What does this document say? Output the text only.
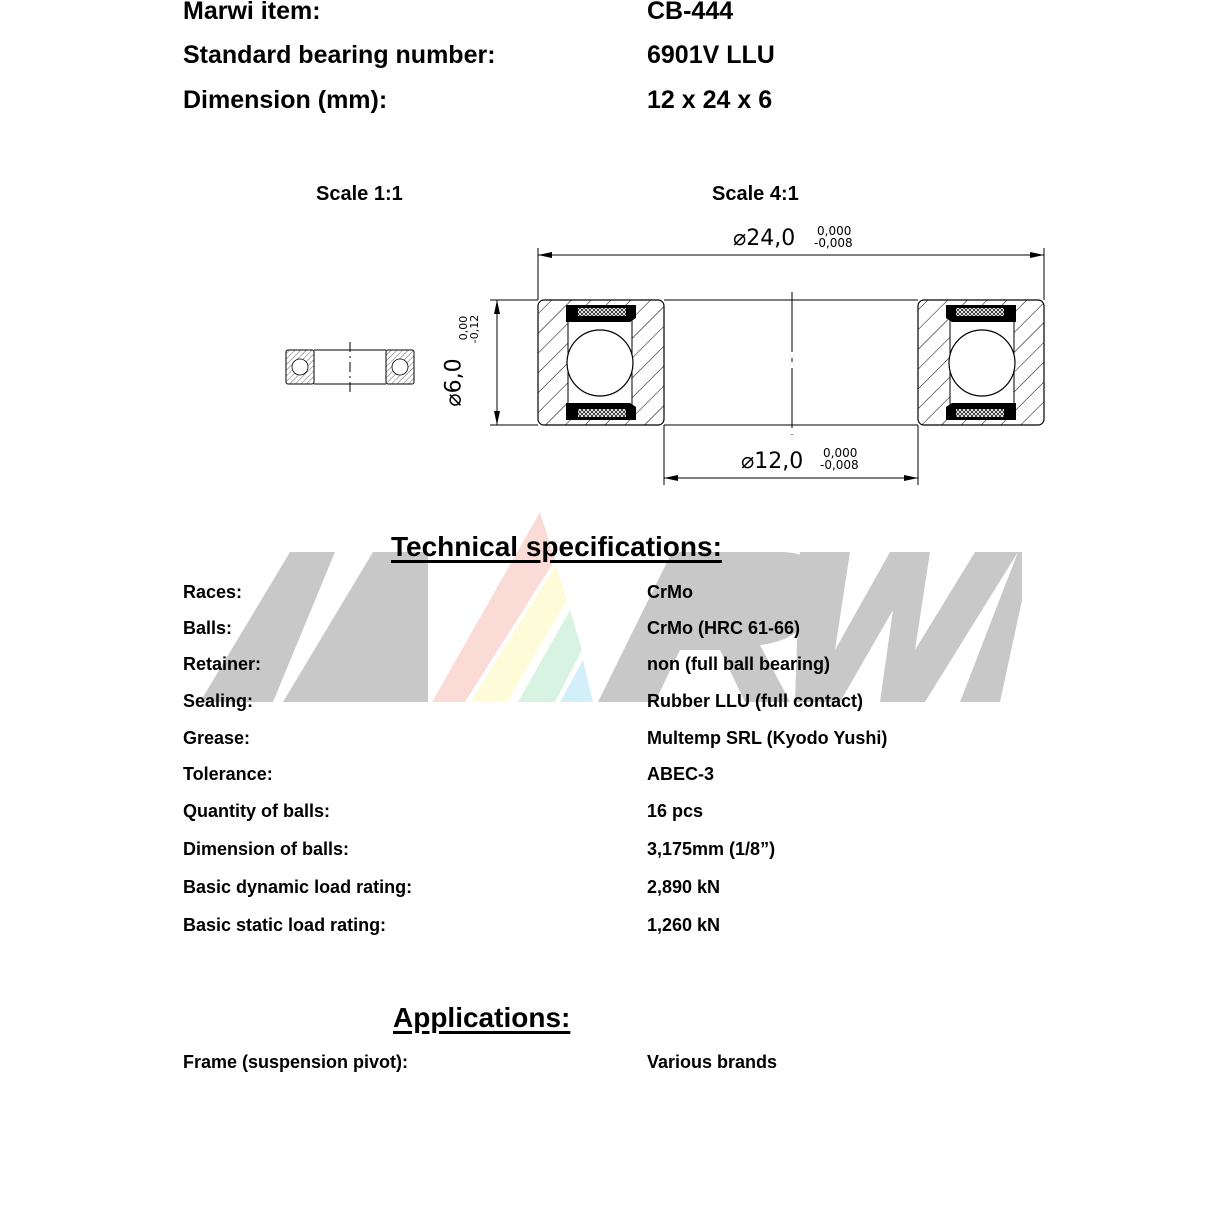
Marwi item:	CB-444
Standard bearing number:	6901V LLU
Dimension (mm):	12 x 24 x 6
Scale 1:1	Scale 4:1
⌀24,0 0,000
-0,008
⌀12,0 0,000
-0,008
⌀6,0
0,00
-0,12
Technical specifications:
Races:	CrMo
Balls:	CrMo (HRC 61-66)
Retainer:	non (full ball bearing)
Sealing:	Rubber LLU (full contact)
Grease:	Multemp SRL (Kyodo Yushi)
Tolerance:	ABEC-3
Quantity of balls:	16 pcs
Dimension of balls:	3,175mm (1/8”)
Basic dynamic load rating:	2,890 kN
Basic static load rating:	1,260 kN
Applications:
Frame (suspension pivot):	Various brands
